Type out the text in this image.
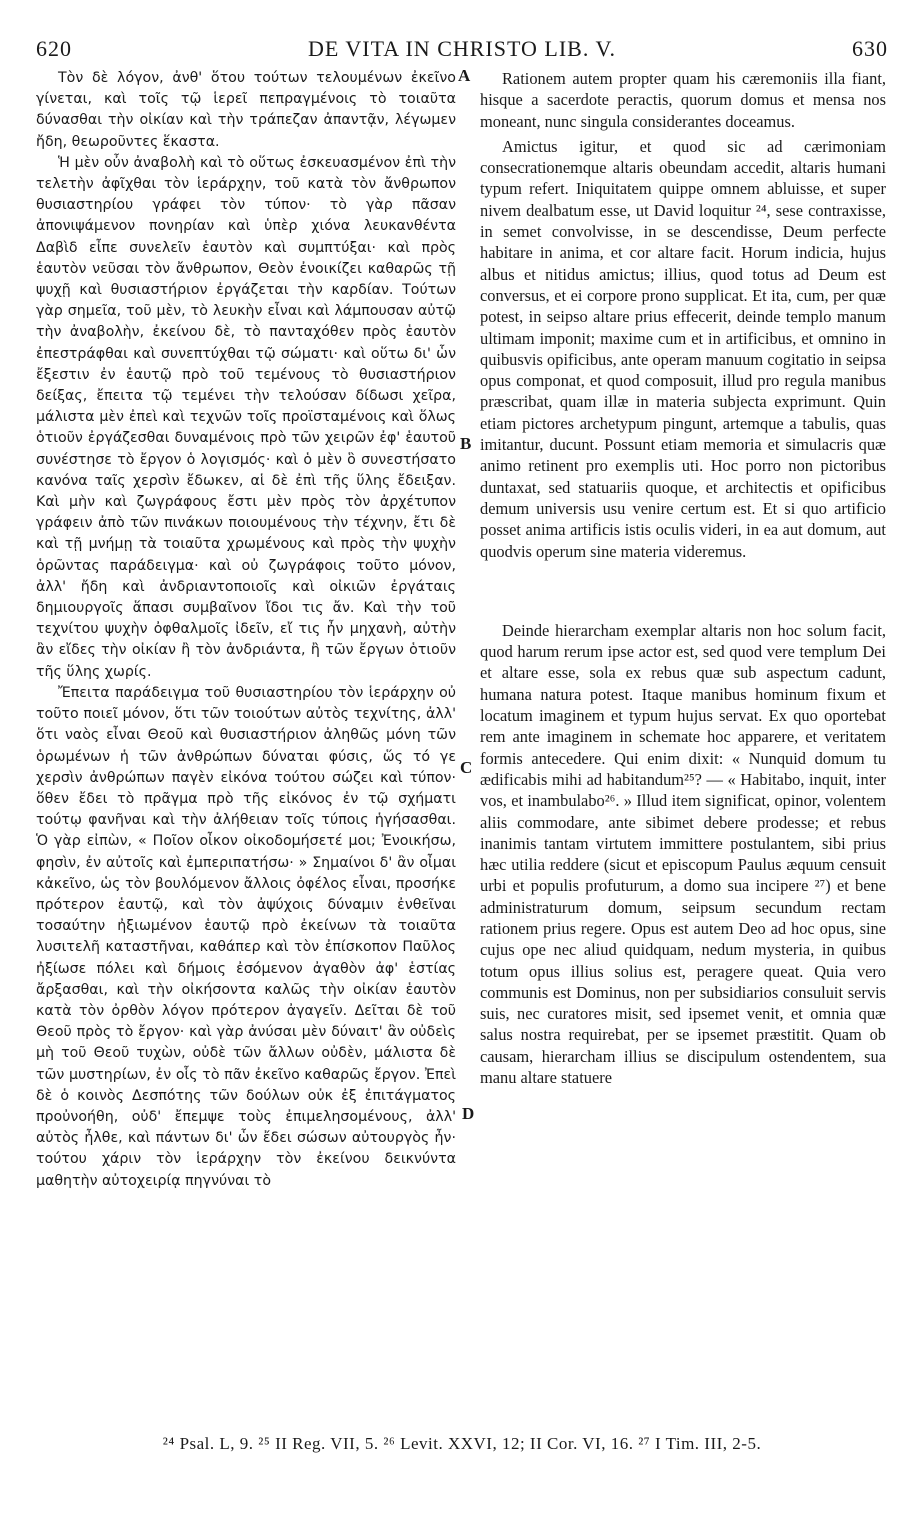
620	DE VITA IN CHRISTO LIB. V.	630

Τὸν δὲ λόγον, ἀνθ' ὅτου τούτων τελουμένων ἐκεῖνο γίνεται, καὶ τοῖς τῷ ἱερεῖ πεπραγμένοις τὸ τοιαῦτα δύνασθαι τὴν οἰκίαν καὶ τὴν τράπεζαν ἀπαντᾷν, λέγωμεν ἤδη, θεωροῦντες ἕκαστα.

Ἡ μὲν οὖν ἀναβολὴ καὶ τὸ οὕτως ἐσκευασμένον ἐπὶ τὴν τελετὴν ἀφῖχθαι τὸν ἱεράρχην, τοῦ κατὰ τὸν ἄνθρωπον θυσιαστηρίου γράφει τὸν τύπον· τὸ γὰρ πᾶσαν ἀπονιψάμενον πονηρίαν καὶ ὑπὲρ χιόνα λευκανθέντα Δαβὶδ εἶπε συνελεῖν ἑαυτὸν καὶ συμπτύξαι· καὶ πρὸς ἑαυτὸν νεῦσαι τὸν ἄνθρωπον, Θεὸν ἐνοικίζει καθαρῶς τῇ ψυχῇ καὶ θυσιαστήριον ἐργάζεται τὴν καρδίαν. Τούτων γὰρ σημεῖα, τοῦ μὲν, τὸ λευκὴν εἶναι καὶ λάμπουσαν αὐτῷ τὴν ἀναβολὴν, ἐκείνου δὲ, τὸ πανταχόθεν πρὸς ἑαυτὸν ἐπεστράφθαι καὶ συνεπτύχθαι τῷ σώματι· καὶ οὕτω δι' ὧν ἔξεστιν ἐν ἑαυτῷ πρὸ τοῦ τεμένους τὸ θυσιαστήριον δείξας, ἔπειτα τῷ τεμένει τὴν τελούσαν δίδωσι χεῖρα, μάλιστα μὲν ἐπεὶ καὶ τεχνῶν τοῖς προϊσταμένοις καὶ ὅλως ὁτιοῦν ἐργάζεσθαι δυναμένοις πρὸ τῶν χειρῶν ἐφ' ἑαυτοῦ συνέστησε τὸ ἔργον ὁ λογισμός· καὶ ὁ μὲν ὃ συνεστήσατο κανόνα ταῖς χερσὶν ἔδωκεν, αἱ δὲ ἐπὶ τῆς ὕλης ἔδειξαν. Καὶ μὴν καὶ ζωγράφους ἔστι μὲν πρὸς τὸν ἀρχέτυπον γράφειν ἀπὸ τῶν πινάκων ποιουμένους τὴν τέχνην, ἔτι δὲ καὶ τῇ μνήμῃ τὰ τοιαῦτα χρωμένους καὶ πρὸς τὴν ψυχὴν ὁρῶντας παράδειγμα· καὶ οὐ ζωγράφοις τοῦτο μόνον, ἀλλ' ἤδη καὶ ἀνδριαντοποιοῖς καὶ οἰκιῶν ἐργάταις δημιουργοῖς ἅπασι συμβαῖνον ἴδοι τις ἄν. Καὶ τὴν τοῦ τεχνίτου ψυχὴν ὀφθαλμοῖς ἰδεῖν, εἴ τις ἦν μηχανὴ, αὐτὴν ἂν εἴδες τὴν οἰκίαν ἢ τὸν ἀνδριάντα, ἢ τῶν ἔργων ὁτιοῦν τῆς ὕλης χωρίς.

Ἔπειτα παράδειγμα τοῦ θυσιαστηρίου τὸν ἱεράρχην οὐ τοῦτο ποιεῖ μόνον, ὅτι τῶν τοιούτων αὐτὸς τεχνίτης, ἀλλ' ὅτι ναὸς εἶναι Θεοῦ καὶ θυσιαστήριον ἀληθῶς μόνη τῶν ὁρωμένων ἡ τῶν ἀνθρώπων δύναται φύσις, ὥς τό γε χερσὶν ἀνθρώπων παγὲν εἰκόνα τούτου σώζει καὶ τύπον· ὅθεν ἔδει τὸ πρᾶγμα πρὸ τῆς εἰκόνος ἐν τῷ σχήματι τούτῳ φανῆναι καὶ τὴν ἀλήθειαν τοῖς τύποις ἡγήσασθαι. Ὁ γὰρ εἰπὼν, « Ποῖον οἶκον οἰκοδομήσετέ μοι; Ἐνοικήσω, φησὶν, ἐν αὐτοῖς καὶ ἐμπεριπατήσω· » Σημαίνοι δ' ἂν οἶμαι κἀκεῖνο, ὡς τὸν βουλόμενον ἄλλοις ὀφέλος εἶναι, προσήκε πρότερον ἑαυτῷ, καὶ τὸν ἀψύχοις δύναμιν ἐνθεῖναι τοσαύτην ἠξιωμένον ἑαυτῷ πρὸ ἐκείνων τὰ τοιαῦτα λυσιτελῆ καταστῆναι, καθάπερ καὶ τὸν ἐπίσκοπον Παῦλος ἠξίωσε πόλει καὶ δήμοις ἐσόμενον ἀγαθὸν ἀφ' ἑστίας ἄρξασθαι, καὶ τὴν οἰκήσοντα καλῶς τὴν οἰκίαν ἑαυτὸν κατὰ τὸν ὀρθὸν λόγον πρότερον ἀγαγεῖν. Δεῖται δὲ τοῦ Θεοῦ πρὸς τὸ ἔργον· καὶ γὰρ ἀνύσαι μὲν δύναιτ' ἂν οὐδεὶς μὴ τοῦ Θεοῦ τυχὼν, οὐδὲ τῶν ἄλλων οὐδὲν, μάλιστα δὲ τῶν μυστηρίων, ἐν οἷς τὸ πᾶν ἐκεῖνο καθαρῶς ἔργον. Ἐπεὶ δὲ ὁ κοινὸς Δεσπότης τῶν δούλων οὐκ ἐξ ἐπιτάγματος προὐνοήθη, οὐδ' ἔπεμψε τοὺς ἐπιμελησομένους, ἀλλ' αὐτὸς ἦλθε, καὶ πάντων δι' ὧν ἔδει σώσων αὐτουργὸς ἦν· τούτου χάριν τὸν ἱεράρχην τὸν ἐκείνου δεικνύντα μαθητὴν αὐτοχειρίᾳ πηγνύναι τὸ

Rationem autem propter quam his cæremoniis illa fiant, hisque a sacerdote peractis, quorum domus et mensa nos moneant, nunc singula considerantes doceamus.

Amictus igitur, et quod sic ad cærimoniam consecrationemque altaris obeundam accedit, altaris humani typum refert. Iniquitatem quippe omnem abluisse, et super nivem dealbatum esse, ut David loquitur ²⁴, sese contraxisse, in semet convolvisse, in se descendisse, Deum perfecte habitare in anima, et cor altare facit. Horum indicia, hujus albus et nitidus amictus; illius, quod totus ad Deum est conversus, et ei corpore prono supplicat. Et ita, cum, per quæ potest, in seipso altare prius effecerit, deinde templo manum ultimam imponit; maxime cum et in artificibus, et omnino in quibusvis opificibus, ante operam manuum cogitatio in seipsa opus componat, et quod composuit, illud pro regula manibus præscribat, quam illæ in materia subjecta exprimunt. Quin etiam pictores archetypum pingunt, artemque a tabulis, quas imitantur, ducunt. Possunt etiam memoria et simulacris quæ animo retinent pro exemplis uti. Hoc porro non pictoribus duntaxat, sed statuariis quoque, et architectis et opificibus demum universis usu venire certum est. Et si quo artificio posset anima artificis istis oculis videri, in ea aut domum, aut quodvis operum sine materia videremus.

Deinde hierarcham exemplar altaris non hoc solum facit, quod harum rerum ipse actor est, sed quod vere templum Dei et altare esse, sola ex rebus quæ sub aspectum cadunt, humana natura potest. Itaque manibus hominum fixum et locatum imaginem et typum hujus servat. Ex quo oportebat rem ante imaginem in schemate hoc apparere, et veritatem formis antecedere. Qui enim dixit: « Nunquid domum tu ædificabis mihi ad habitandum²⁵? — « Habitabo, inquit, inter vos, et inambulabo²⁶. » Illud item significat, opinor, volentem aliis commodare, ante sibimet debere prodesse; et rebus inanimis tantam virtutem immittere postulantem, sibi prius hæc utilia reddere (sicut et episcopum Paulus æquum censuit urbi et populis profuturum, a domo sua incipere ²⁷) et bene administraturum domum, seipsum secundum rectam rationem prius regere. Opus est autem Deo ad hoc opus, sine cujus ope nec aliud quidquam, nedum mysteria, in quibus totum opus illius solius est, peragere queat. Quia vero communis est Dominus, non per subsidiarios consuluit servis suis, nec curatores misit, sed ipsemet venit, et omnia quæ salus nostra requirebat, per se ipsemet præstitit. Quam ob causam, hierarcham illius se discipulum ostendentem, sua manu altare statuere

A
B
C
D
²⁴ Psal. L, 9. ²⁵ II Reg. VII, 5. ²⁶ Levit. XXVI, 12; II Cor. VI, 16. ²⁷ I Tim. III, 2-5.
